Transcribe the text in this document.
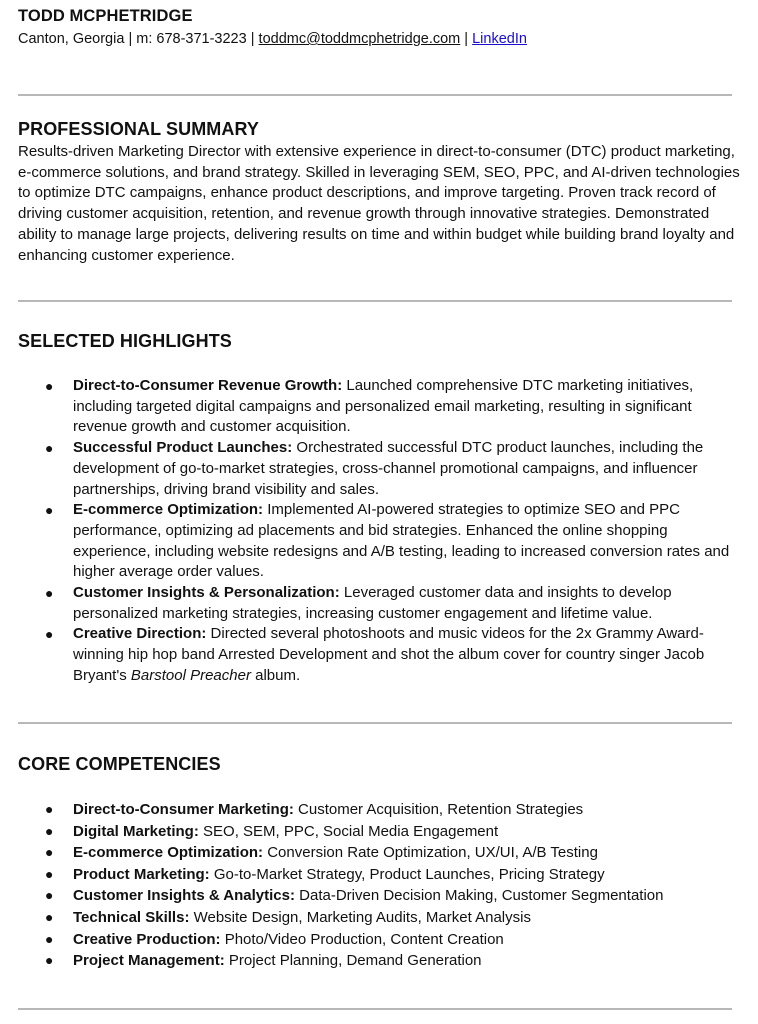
TODD MCPHETRIDGE
Canton, Georgia | m: 678-371-3223 | toddmc@toddmcphetridge.com | LinkedIn
PROFESSIONAL SUMMARY

Results-driven Marketing Director with extensive experience in direct-to-consumer (DTC) product marketing, e-commerce solutions, and brand strategy. Skilled in leveraging SEM, SEO, PPC, and AI-driven technologies to optimize DTC campaigns, enhance product descriptions, and improve targeting. Proven track record of driving customer acquisition, retention, and revenue growth through innovative strategies. Demonstrated ability to manage large projects, delivering results on time and within budget while building brand loyalty and enhancing customer experience.

SELECTED HIGHLIGHTS
● Direct-to-Consumer Revenue Growth: Launched comprehensive DTC marketing initiatives, including targeted digital campaigns and personalized email marketing, resulting in significant revenue growth and customer acquisition.
● Successful Product Launches: Orchestrated successful DTC product launches, including the development of go-to-market strategies, cross-channel promotional campaigns, and influencer partnerships, driving brand visibility and sales.
● E-commerce Optimization: Implemented AI-powered strategies to optimize SEO and PPC performance, optimizing ad placements and bid strategies. Enhanced the online shopping experience, including website redesigns and A/B testing, leading to increased conversion rates and higher average order values.
● Customer Insights & Personalization: Leveraged customer data and insights to develop personalized marketing strategies, increasing customer engagement and lifetime value.
● Creative Direction: Directed several photoshoots and music videos for the 2x Grammy Award-winning hip hop band Arrested Development and shot the album cover for country singer Jacob Bryant's Barstool Preacher album.
CORE COMPETENCIES
● Direct-to-Consumer Marketing: Customer Acquisition, Retention Strategies
● Digital Marketing: SEO, SEM, PPC, Social Media Engagement
● E-commerce Optimization: Conversion Rate Optimization, UX/UI, A/B Testing
● Product Marketing: Go-to-Market Strategy, Product Launches, Pricing Strategy
● Customer Insights & Analytics: Data-Driven Decision Making, Customer Segmentation
● Technical Skills: Website Design, Marketing Audits, Market Analysis
● Creative Production: Photo/Video Production, Content Creation
● Project Management: Project Planning, Demand Generation
